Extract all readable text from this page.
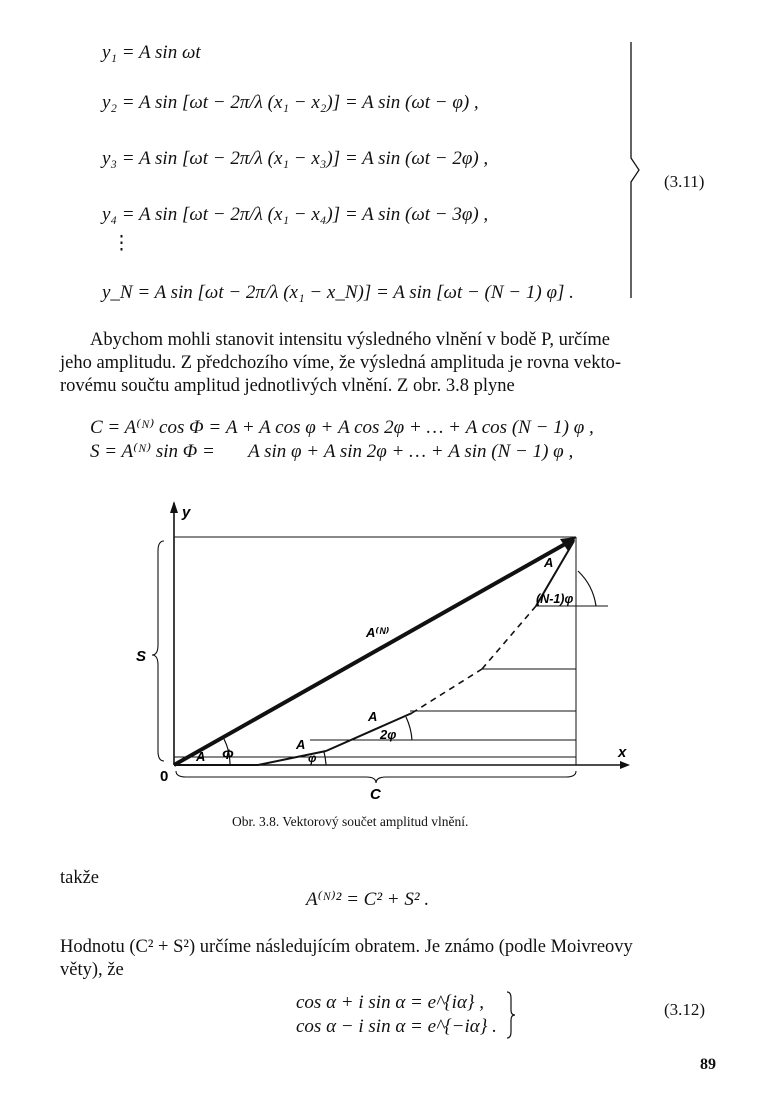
y₁ = A sin ωt
y₂ = A sin [ωt − 2π/λ (x₁ − x₂)] = A sin (ωt − φ) ,
y₃ = A sin [ωt − 2π/λ (x₁ − x₃)] = A sin (ωt − 2φ) ,
y₄ = A sin [ωt − 2π/λ (x₁ − x₄)] = A sin (ωt − 3φ) ,
⋮
y_N = A sin [ωt − 2π/λ (x₁ − x_N)] = A sin [ωt − (N − 1) φ] .
(3.11)
Abychom mohli stanovit intensitu výsledného vlnění v bodě P, určíme
jeho amplitudu. Z předchozího víme, že výsledná amplituda je rovna vekto-
rovému součtu amplitud jednotlivých vlnění. Z obr. 3.8 plyne
C = A⁽ᴺ⁾ cos Φ = A + A cos φ + A cos 2φ + … + A cos (N − 1) φ ,
S = A⁽ᴺ⁾ sin Φ =       A sin φ + A sin 2φ + … + A sin (N − 1) φ ,
y
x
0
A Φ
A
φ
A
2φ
A
(N-1)φ
A⁽ᴺ⁾
S
C
Obr. 3.8. Vektorový součet amplitud vlnění.
takže
A⁽ᴺ⁾² = C² + S² .
Hodnotu (C² + S²) určíme následujícím obratem. Je známo (podle Moivreovy
věty), že
cos α + i sin α = e^{iα} ,
cos α − i sin α = e^{−iα} .
(3.12)
89
